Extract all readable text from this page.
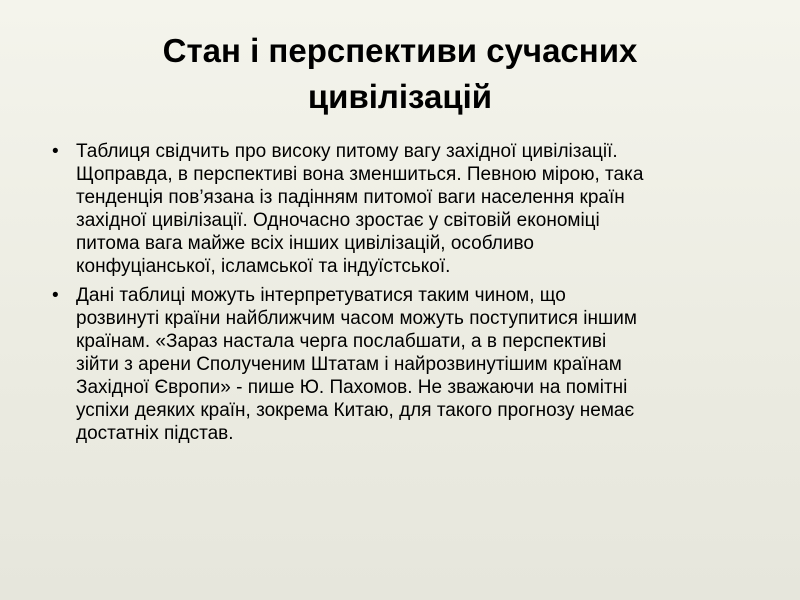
Стан і перспективи сучасних
цивілізацій
• Таблиця свідчить про високу питому вагу західної цивілізації.
Щоправда, в перспективі вона зменшиться. Певною мірою, така
тенденція пов’язана із падінням питомої ваги населення країн
західної цивілізації. Одночасно зростає у світовій економіці
питома вага майже всіх інших цивілізацій, особливо
конфуціанської, ісламської та індуїстської.
• Дані таблиці можуть інтерпретуватися таким чином, що
розвинуті країни найближчим часом можуть поступитися іншим
країнам. «Зараз настала черга послабшати, а в перспективі
зійти з арени Сполученим Штатам і найрозвинутішим країнам
Західної Європи» - пише Ю. Пахомов. Не зважаючи на помітні
успіхи деяких країн, зокрема Китаю, для такого прогнозу немає
достатніх підстав.
